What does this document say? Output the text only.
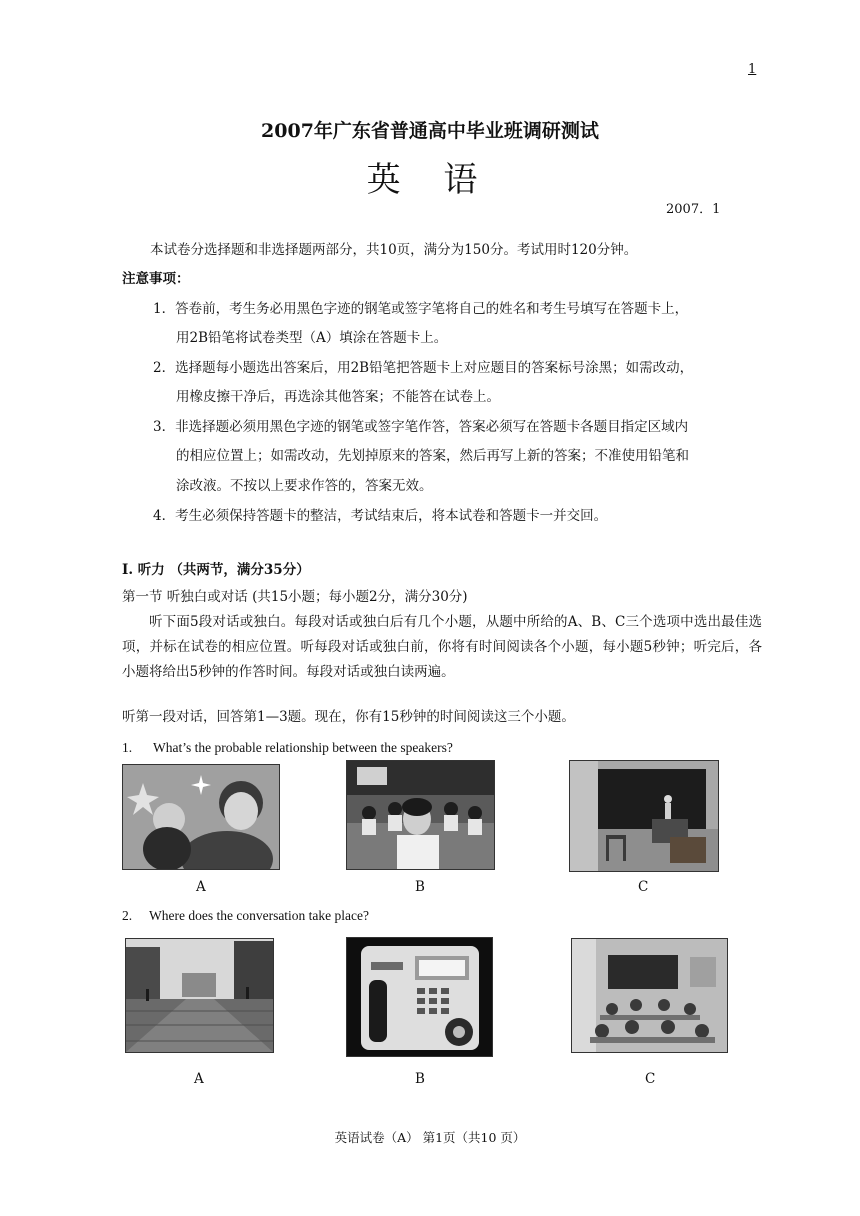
1
2007年广东省普通高中毕业班调研测试
英 语
2007．1
本试卷分选择题和非选择题两部分，共10页，满分为150分。考试用时120分钟。
注意事项：
1．答卷前，考生务必用黑色字迹的钢笔或签字笔将自己的姓名和考生号填写在答题卡上，
用2B铅笔将试卷类型（A）填涂在答题卡上。
2．选择题每小题选出答案后，用2B铅笔把答题卡上对应题目的答案标号涂黑；如需改动，
用橡皮擦干净后，再选涂其他答案；不能答在试卷上。
3．非选择题必须用黑色字迹的钢笔或签字笔作答，答案必须写在答题卡各题目指定区域内
的相应位置上；如需改动，先划掉原来的答案，然后再写上新的答案；不准使用铅笔和
涂改液。不按以上要求作答的，答案无效。
4．考生必须保持答题卡的整洁，考试结束后，将本试卷和答题卡一并交回。
I. 听力 （共两节，满分35分）
第一节 听独白或对话 (共15小题；每小题2分，满分30分)
听下面5段对话或独白。每段对话或独白后有几个小题，从题中所给的A、B、C三个选项中选出最佳选项，并标在试卷的相应位置。听每段对话或独白前，你将有时间阅读各个小题，每小题5秒钟；听完后，各小题将给出5秒钟的作答时间。每段对话或独白读两遍。
听第一段对话，回答第1—3题。现在，你有15秒钟的时间阅读这三个小题。
1. What’s the probable relationship between the speakers?
A	B	C
2. Where does the conversation take place?
A	B	C
英语试卷（A） 第1页（共10 页）
